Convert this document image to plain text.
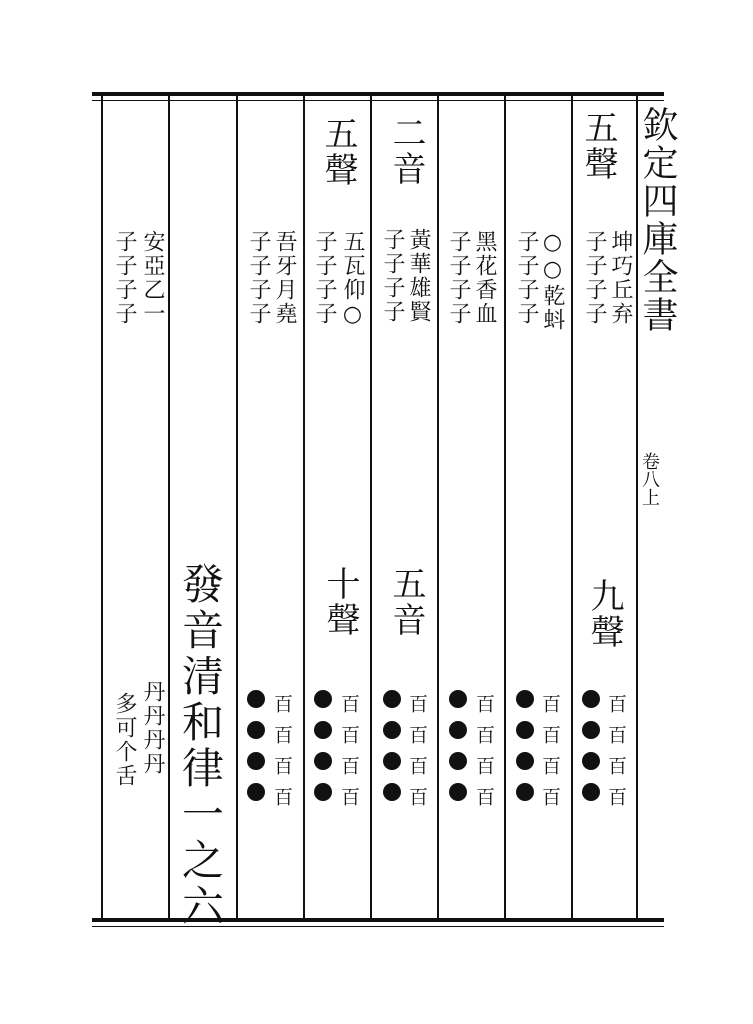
欽定四庫全書
卷八上
五聲
坤巧丘弃
子子子子
九聲
○○乾蚪
子子子子
黑花香血
子子子子
二音
黃華雄賢
子子子子
五音
五聲
五瓦仰○
子子子子
十聲
吾牙月堯
子子子子
發音清和律一之六
安亞乙一
子子子子
丹丹丹丹
多可个舌	百百百百
百百百百
百百百百
百百百百
百百百百
百百百百
